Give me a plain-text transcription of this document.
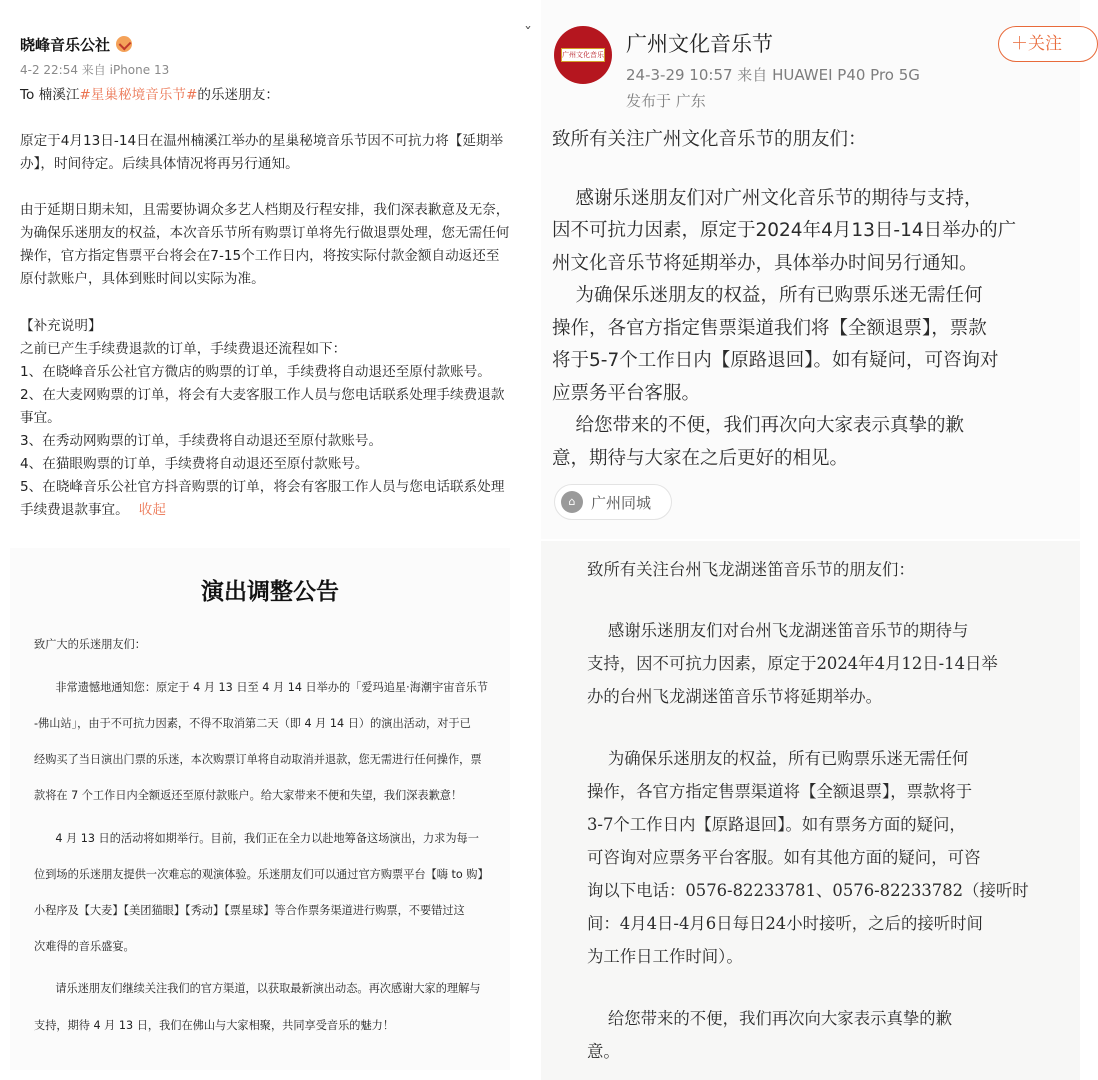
晓峰音乐公社
ˇ
4-2 22:54 来自 iPhone 13
To 楠溪江#星巢秘境音乐节#的乐迷朋友：
原定于4月13日-14日在温州楠溪江举办的星巢秘境音乐节因不可抗力将【延期举
办】，时间待定。后续具体情况将再另行通知。
由于延期日期未知，且需要协调众多艺人档期及行程安排，我们深表歉意及无奈，
为确保乐迷朋友的权益，本次音乐节所有购票订单将先行做退票处理，您无需任何
操作，官方指定售票平台将会在7-15个工作日内，将按实际付款金额自动返还至
原付款账户，具体到账时间以实际为准。
【补充说明】
之前已产生手续费退款的订单，手续费退还流程如下：
1、在晓峰音乐公社官方微店的购票的订单，手续费将自动退还至原付款账号。
2、在大麦网购票的订单，将会有大麦客服工作人员与您电话联系处理手续费退款
事宜。
3、在秀动网购票的订单，手续费将自动退还至原付款账号。
4、在猫眼购票的订单，手续费将自动退还至原付款账号。
5、在晓峰音乐公社官方抖音购票的订单，将会有客服工作人员与您电话联系处理
手续费退款事宜。 收起
广州文化音乐节 广州文化音乐节
24-3-29 10:57 来自 HUAWEI P40 Pro 5G
发布于 广东
＋关注
致所有关注广州文化音乐节的朋友们：
感谢乐迷朋友们对广州文化音乐节的期待与支持，
因不可抗力因素，原定于2024年4月13日-14日举办的广
州文化音乐节将延期举办，具体举办时间另行通知。
为确保乐迷朋友的权益，所有已购票乐迷无需任何
操作，各官方指定售票渠道我们将【全额退票】，票款
将于5-7个工作日内【原路退回】。如有疑问，可咨询对
应票务平台客服。
给您带来的不便，我们再次向大家表示真挚的歉
意，期待与大家在之后更好的相见。
⌂	广州同城
演出调整公告
致广大的乐迷朋友们：
非常遗憾地通知您：原定于 4 月 13 日至 4 月 14 日举办的「爱玛追星·海潮宇宙音乐节
-佛山站」，由于不可抗力因素，不得不取消第二天（即 4 月 14 日）的演出活动，对于已
经购买了当日演出门票的乐迷，本次购票订单将自动取消并退款，您无需进行任何操作，票
款将在 7 个工作日内全额返还至原付款账户。给大家带来不便和失望，我们深表歉意！
4 月 13 日的活动将如期举行。目前，我们正在全力以赴地筹备这场演出，力求为每一
位到场的乐迷朋友提供一次难忘的观演体验。乐迷朋友们可以通过官方购票平台【嗨 to 购】
小程序及【大麦】【美团猫眼】【秀动】【票星球】等合作票务渠道进行购票，不要错过这
次难得的音乐盛宴。
请乐迷朋友们继续关注我们的官方渠道，以获取最新演出动态。再次感谢大家的理解与
支持，期待 4 月 13 日，我们在佛山与大家相聚，共同享受音乐的魅力！
致所有关注台州飞龙湖迷笛音乐节的朋友们：
感谢乐迷朋友们对台州飞龙湖迷笛音乐节的期待与
支持，因不可抗力因素，原定于2024年4月12日-14日举
办的台州飞龙湖迷笛音乐节将延期举办。
为确保乐迷朋友的权益，所有已购票乐迷无需任何
操作，各官方指定售票渠道将【全额退票】，票款将于
3-7个工作日内【原路退回】。如有票务方面的疑问，
可咨询对应票务平台客服。如有其他方面的疑问，可咨
询以下电话：0576-82233781、0576-82233782（接听时
间：4月4日-4月6日每日24小时接听，之后的接听时间
为工作日工作时间）。
给您带来的不便，我们再次向大家表示真挚的歉
意。
